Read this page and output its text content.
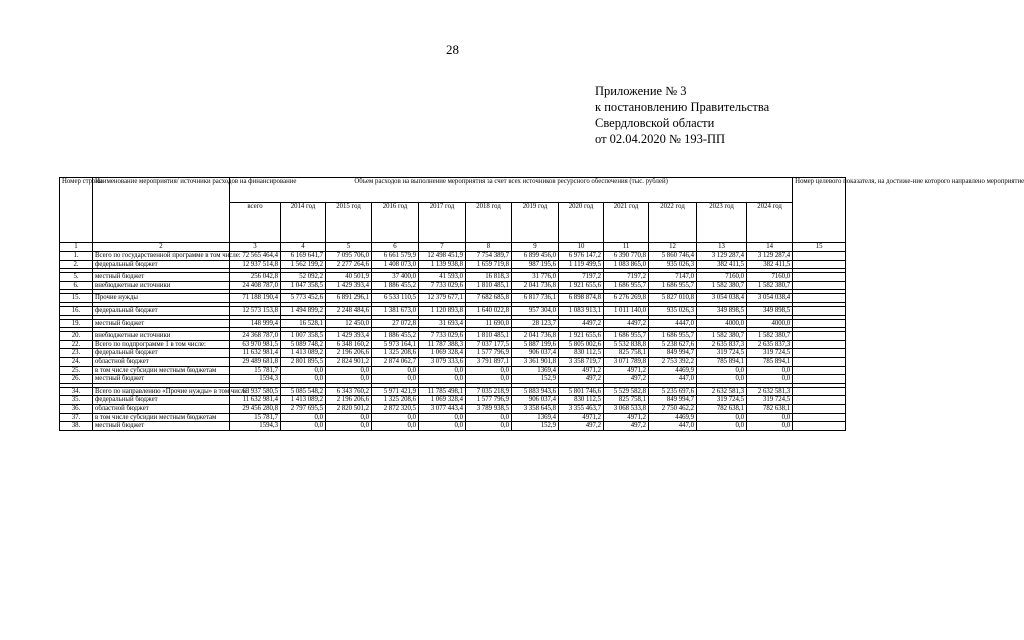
28
Приложение № 3
к постановлению Правительства
Свердловской области
от 02.04.2020 № 193-ПП
Номер строки	Наименование мероприятия/ источники расходов на финансирование	Объем расходов на выполнение мероприятия за счет всех источников ресурсного обеспечения (тыс. рублей)												Номер целевого показателя, на достиже-ние которого направлено мероприятие
		всего	2014 год	2015 год	2016 год	2017 год	2018 год	2019 год	2020 год	2021 год	2022 год	2023 год	2024 год	
1	2	3	4	5	6	7	8	9	10	11	12	13	14	15
1.	Всего по государственной программе в том числе:	72 565 464,4	6 169 641,7	7 095 706,0	6 661 579,9	12 498 451,9	7 754 389,7	6 899 456,0	6 976 147,2	6 390 770,8	5 860 746,4	3 129 287,4	3 129 287,4	
2.	федеральный бюджет	12 937 514,8	1 562 199,2	2 277 264,6	1 408 073,0	1 139 938,8	1 659 719,8	987 195,6	1 119 499,5	1 083 865,0	935 026,3	382 411,5	382 411,5	

5.	местный бюджет	256 042,8	52 092,2	40 501,9	37 400,0	41 593,0	16 818,3	31 776,0	7197,2	7197,2	7147,0	7160,0	7160,0	
6.	внебюджетные источники	24 408 787,0	1 047 358,5	1 429 393,4	1 886 455,2	7 733 029,6	1 810 485,1	2 041 736,8	1 921 655,6	1 686 955,7	1 686 955,7	1 582 380,7	1 582 380,7	

15.	Прочие нужды	71 188 190,4	5 773 452,6	6 891 296,1	6 533 110,5	12 379 677,1	7 682 685,8	6 817 736,1	6 898 874,8	6 276 269,8	5 827 010,8	3 054 038,4	3 054 038,4	

16.	федеральный бюджет	12 573 153,8	1 494 899,2	2 248 484,6	1 381 673,0	1 120 893,8	1 640 022,8	957 304,0	1 083 913,1	1 011 140,0	935 026,3	349 898,5	349 898,5	

19.	местный бюджет	148 999,4	16 528,1	12 450,0	27 072,8	31 693,4	11 690,0	28 123,7	4497,2	4497,2	4447,0	4000,0	4000,0	

20.	внебюджетные источники	24 368 787,0	1 007 358,5	1 429 393,4	1 886 455,2	7 733 029,6	1 810 485,1	2 041 736,8	1 921 655,6	1 686 955,7	1 686 955,7	1 582 380,7	1 582 380,7	
22.	Всего по подпрограмме 1 в том числе:	63 970 981,5	5 089 748,2	6 348 160,2	5 973 164,1	11 787 388,3	7 037 177,5	5 887 199,6	5 805 002,6	5 532 838,8	5 238 627,6	2 635 837,3	2 635 837,3	
23.	федеральный бюджет	11 632 981,4	1 413 089,2	2 196 206,6	1 325 208,6	1 069 328,4	1 577 796,9	906 037,4	830 112,5	825 758,1	849 994,7	319 724,5	319 724,5	
24.	областной бюджет	29 489 681,8	2 801 895,5	2 824 901,2	2 874 062,7	3 079 333,6	3 791 897,1	3 361 901,8	3 358 719,7	3 071 789,8	2 753 392,2	785 894,1	785 894,1	
25.	в том числе субсидии местным бюджетам	15 781,7	0,0	0,0	0,0	0,0	0,0	1369,4	4971,2	4971,2	4469,9	0,0	0,0	
26.	местный бюджет	1594,3	0,0	0,0	0,0	0,0	0,0	152,9	497,2	497,2	447,0	0,0	0,0	

34.	Всего по направлению «Прочие нужды» в том числе:	63 937 580,5	5 085 548,2	6 343 760,2	5 971 421,9	11 785 498,1	7 035 218,9	5 883 943,6	5 801 746,6	5 529 582,8	5 235 697,6	2 632 581,3	2 632 581,3	
35.	федеральный бюджет	11 632 981,4	1 413 089,2	2 196 206,6	1 325 208,6	1 069 328,4	1 577 796,9	906 037,4	830 112,5	825 758,1	849 994,7	319 724,5	319 724,5	
36.	областной бюджет	29 456 280,8	2 797 695,5	2 820 501,2	2 872 320,5	3 077 443,4	3 789 938,5	3 358 645,8	3 355 463,7	3 068 533,8	2 750 462,2	782 638,1	782 638,1	
37.	в том числе субсидии местным бюджетам	15 781,7	0,0	0,0	0,0	0,0	0,0	1369,4	4971,2	4971,2	4469,9	0,0	0,0	
38.	местный бюджет	1594,3	0,0	0,0	0,0	0,0	0,0	152,9	497,2	497,2	447,0	0,0	0,0	
